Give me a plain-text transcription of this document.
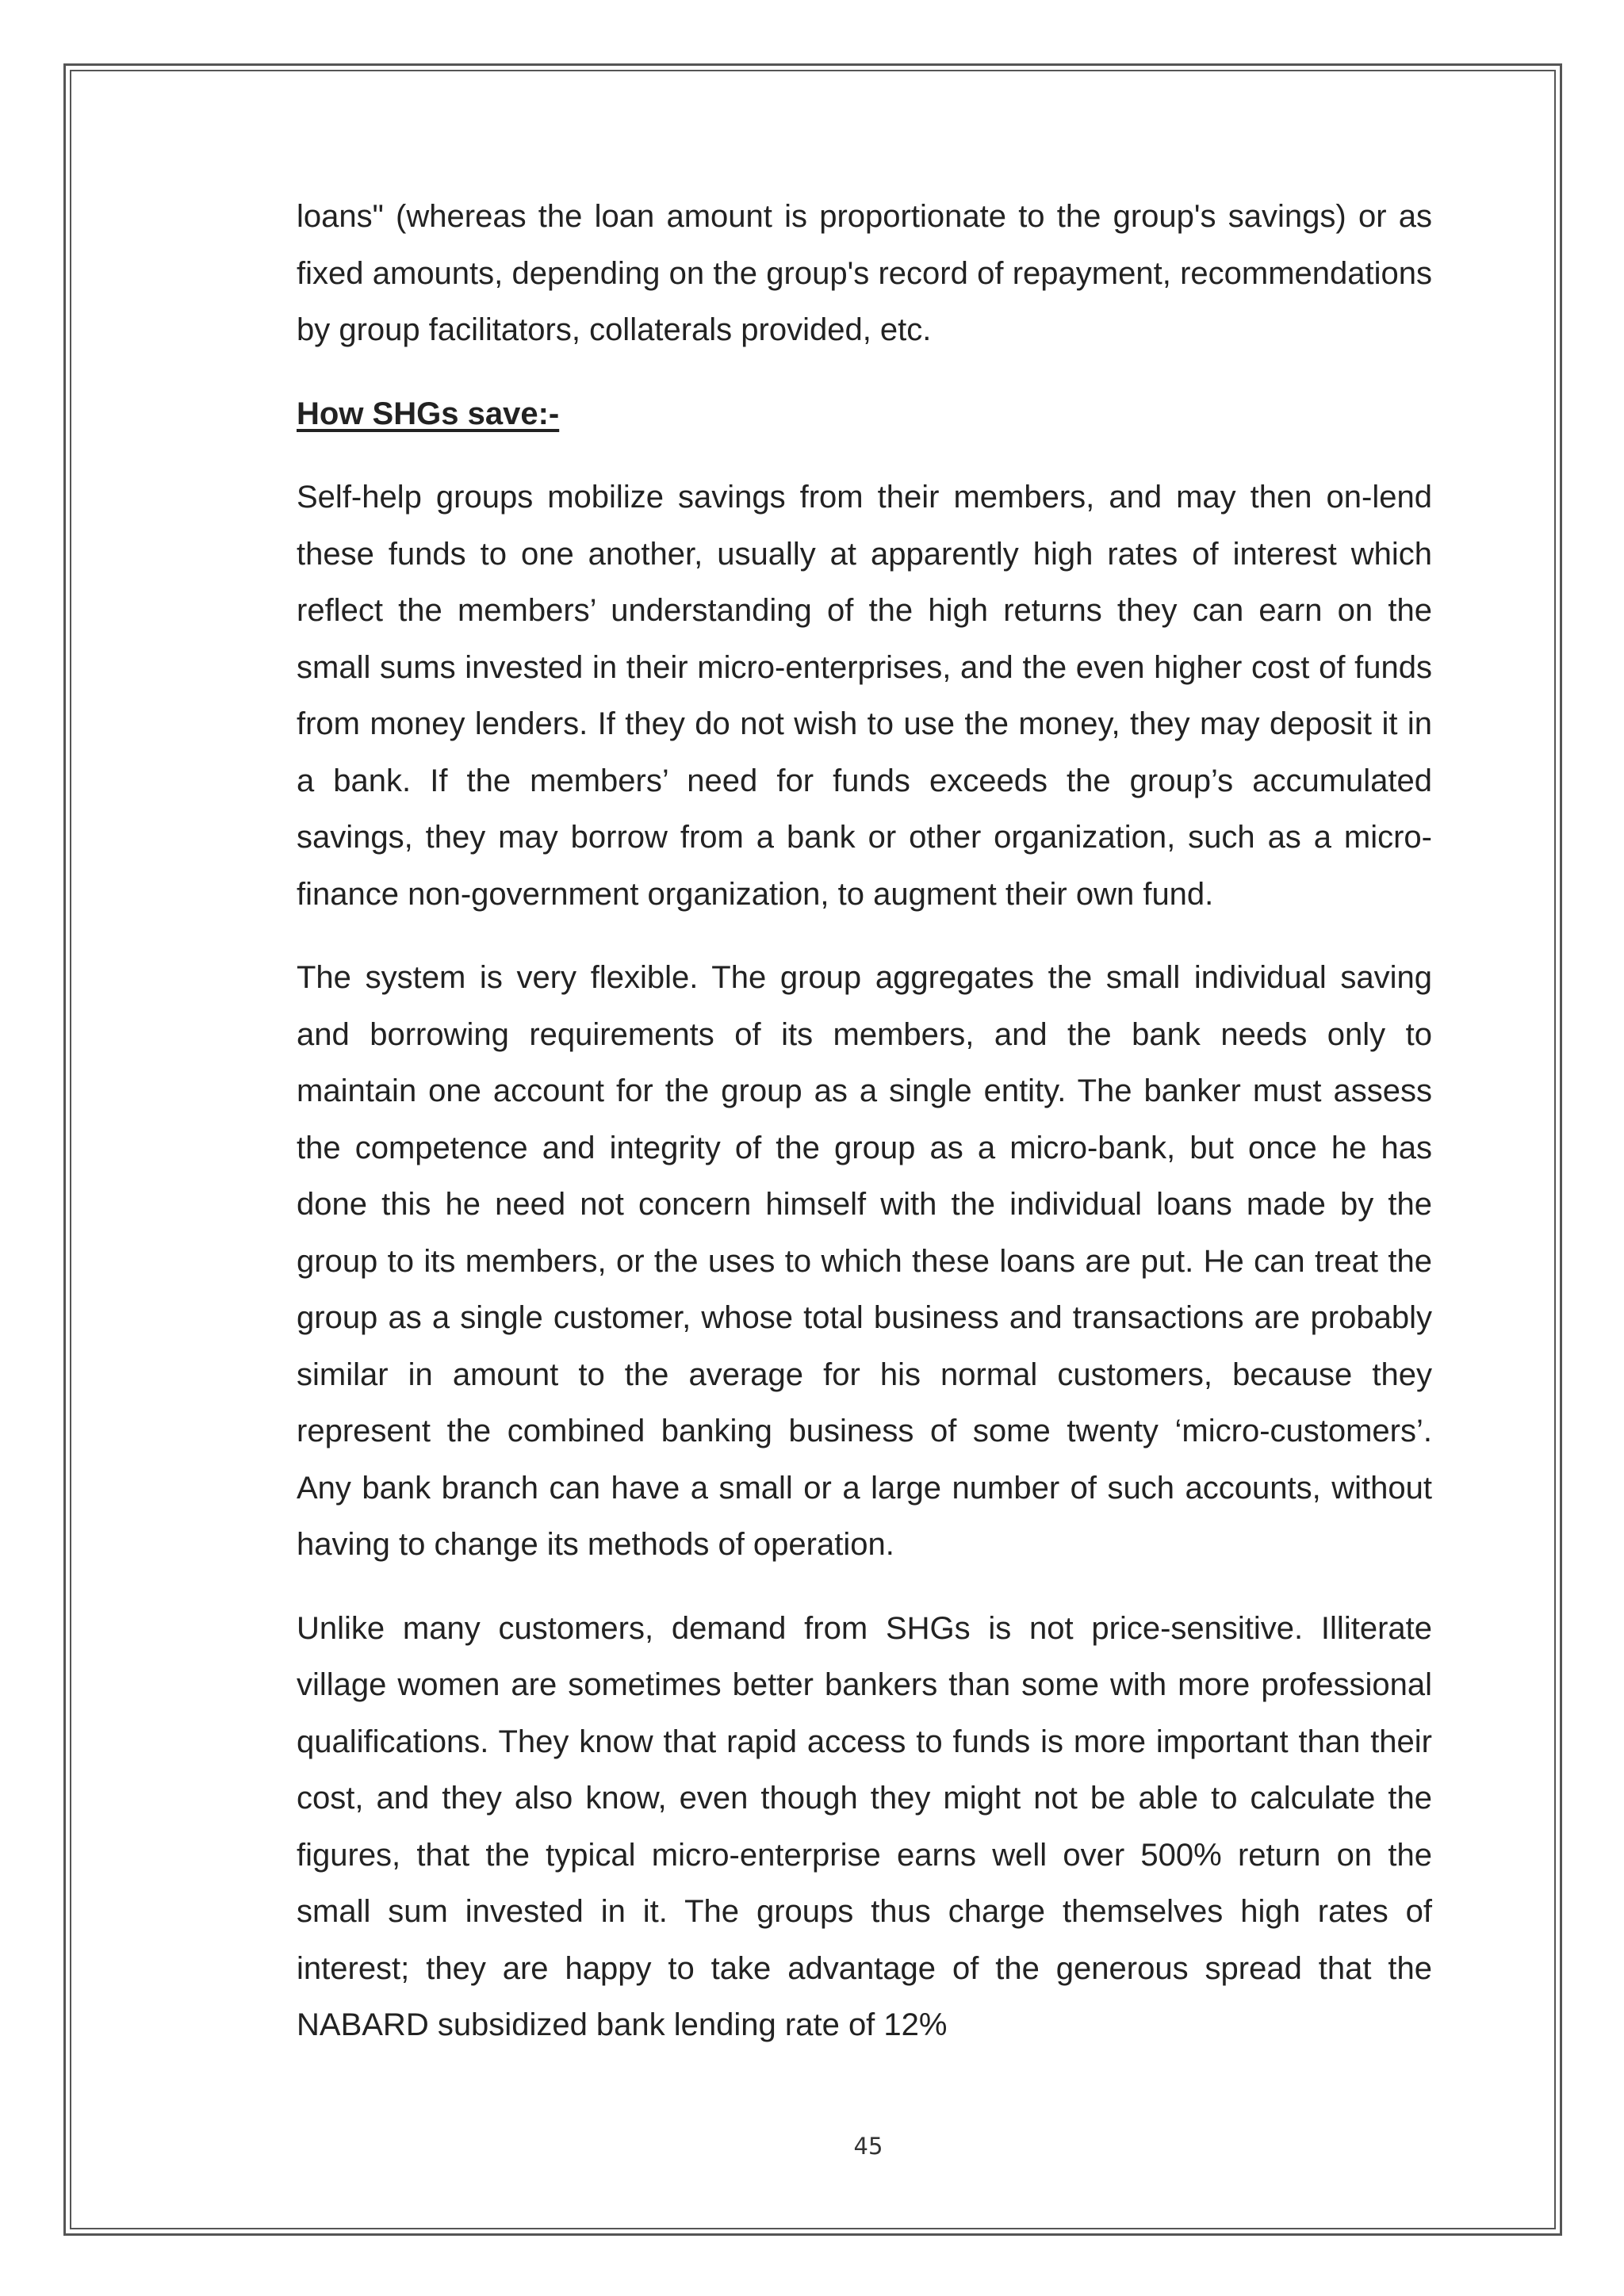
loans" (whereas the loan amount is proportionate to the group's savings) or as fixed amounts, depending on the group's record of repayment, recommendations by group facilitators, collaterals provided, etc.

How SHGs save:-

Self-help groups mobilize savings from their members, and may then on-lend these funds to one another, usually at apparently high rates of interest which reflect the members’ understanding of the high returns they can earn on the small sums invested in their micro-enterprises, and the even higher cost of funds from money lenders. If they do not wish to use the money, they may deposit it in a bank. If the members’ need for funds exceeds the group’s accumulated savings, they may borrow from a bank or other organization, such as a micro-finance non-government organization, to augment their own fund.

The system is very flexible. The group aggregates the small individual saving and borrowing requirements of its members, and the bank needs only to maintain one account for the group as a single entity. The banker must assess the competence and integrity of the group as a micro-bank, but once he has done this he need not concern himself with the individual loans made by the group to its members, or the uses to which these loans are put. He can treat the group as a single customer, whose total business and transactions are probably similar in amount to the average for his normal customers, because they represent the combined banking business of some twenty ‘micro-customers’. Any bank branch can have a small or a large number of such accounts, without having to change its methods of operation.

Unlike many customers, demand from SHGs is not price-sensitive. Illiterate village women are sometimes better bankers than some with more professional qualifications. They know that rapid access to funds is more important than their cost, and they also know, even though they might not be able to calculate the figures, that the typical micro-enterprise earns well over 500% return on the small sum invested in it. The groups thus charge themselves high rates of interest; they are happy to take advantage of the generous spread that the NABARD subsidized bank lending rate of 12%

45
